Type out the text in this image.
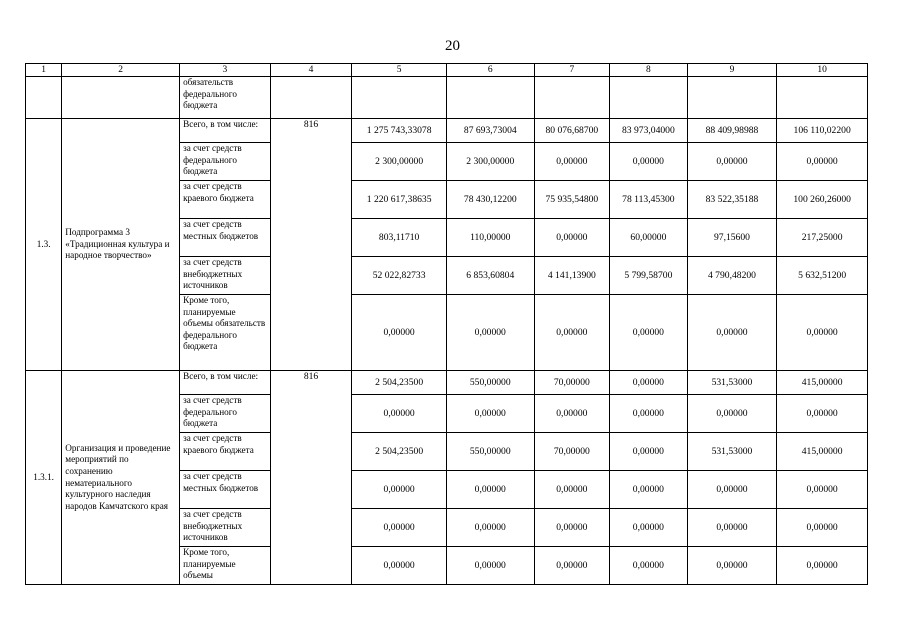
20
1	2	3	4	5	6	7	8	9	10
		обязательств федерального бюджета							
1.3.	Подпрограмма 3 «Традиционная культура и народное творчество»	Всего, в том числе:	816	1 275 743,33078	87 693,73004	80 076,68700	83 973,04000	88 409,98988	106 110,02200
		за счет средств федерального бюджета		2 300,00000	2 300,00000	0,00000	0,00000	0,00000	0,00000
		за счет средств краевого бюджета		1 220 617,38635	78 430,12200	75 935,54800	78 113,45300	83 522,35188	100 260,26000
		за счет средств местных бюджетов		803,11710	110,00000	0,00000	60,00000	97,15600	217,25000
		за счет средств внебюджетных источников		52 022,82733	6 853,60804	4 141,13900	5 799,58700	4 790,48200	5 632,51200
		Кроме того, планируемые объемы обязательств федерального бюджета		0,00000	0,00000	0,00000	0,00000	0,00000	0,00000
1.3.1.	Организация и проведение мероприятий по сохранению нематериального культурного наследия народов Камчатского края	Всего, в том числе:	816	2 504,23500	550,00000	70,00000	0,00000	531,53000	415,00000
		за счет средств федерального бюджета		0,00000	0,00000	0,00000	0,00000	0,00000	0,00000
		за счет средств краевого бюджета		2 504,23500	550,00000	70,00000	0,00000	531,53000	415,00000
		за счет средств местных бюджетов		0,00000	0,00000	0,00000	0,00000	0,00000	0,00000
		за счет средств внебюджетных источников		0,00000	0,00000	0,00000	0,00000	0,00000	0,00000
		Кроме того, планируемые объемы		0,00000	0,00000	0,00000	0,00000	0,00000	0,00000
